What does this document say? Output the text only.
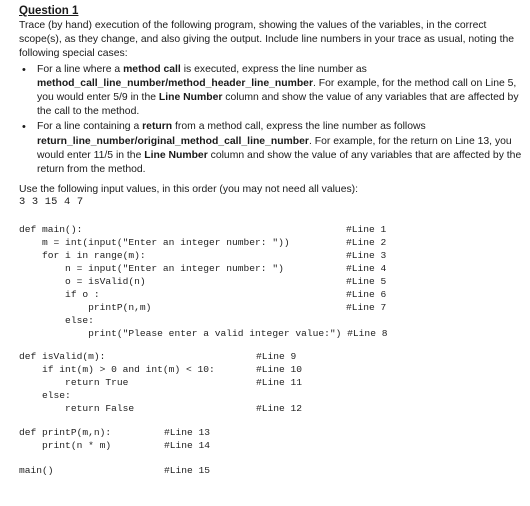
Question 1

Trace (by hand) execution of the following program, showing the values of the variables, in the correct scope(s), as they change, and also giving the output. Include line numbers in your trace as usual, noting the following special cases:

• For a line where a method call is executed, express the line number as method_call_line_number/method_header_line_number. For example, for the method call on Line 5, you would enter 5/9 in the Line Number column and show the value of any variables that are affected by the call to the method.
• For a line containing a return from a method call, express the line number as follows return_line_number/original_method_call_line_number. For example, for the return on Line 13, you would enter 11/5 in the Line Number column and show the value of any variables that are affected by the return from the method.
Use the following input values, in this order (you may not need all values):
3 3 15 4 7
def main():	#Line 1
m = int(input("Enter an integer number: "))	#Line 2
for i in range(m):	#Line 3
n = input("Enter an integer number: ")	#Line 4
o = isValid(n)	#Line 5
if o :	#Line 6
printP(n,m)	#Line 7
else:
print("Please enter a valid integer value:") #Line 8
def isValid(m):	#Line 9
if int(m) > 0 and int(m) < 10:	#Line 10
return True	#Line 11
else:
return False	#Line 12
def printP(m,n):	#Line 13
print(n * m)	#Line 14
main()	#Line 15
